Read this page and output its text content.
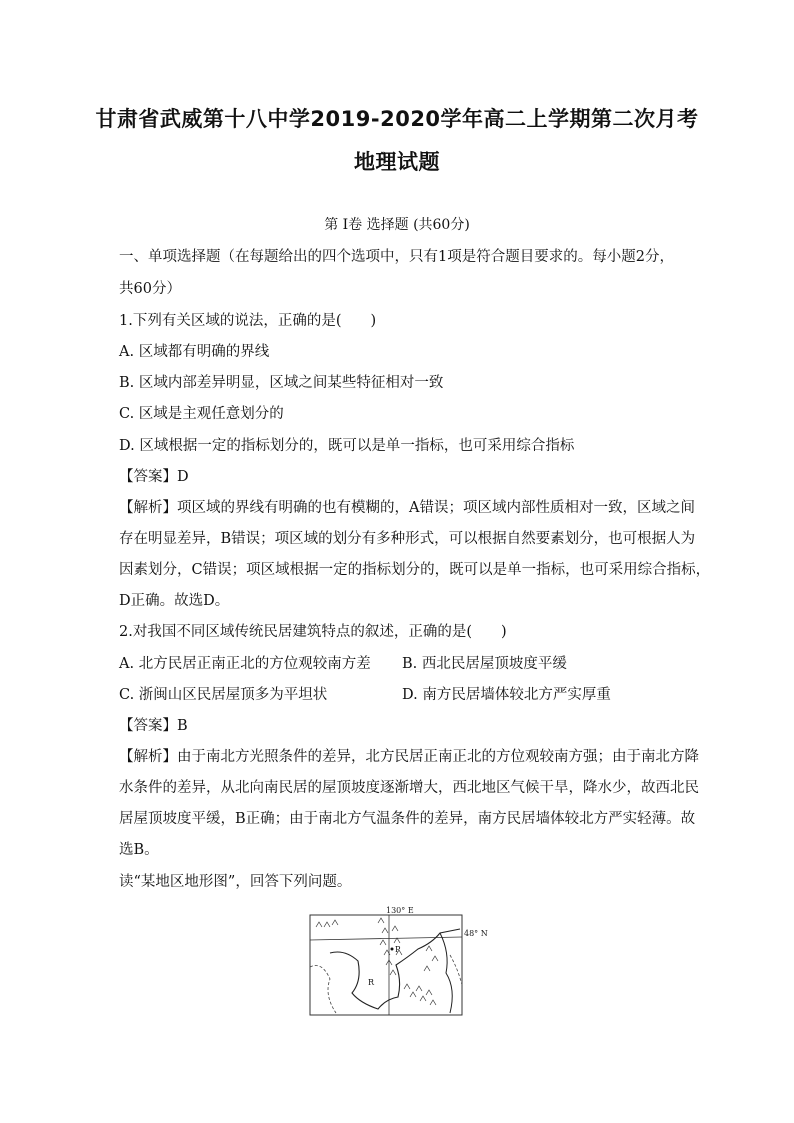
甘肃省武威第十八中学2019-2020学年高二上学期第二次月考
地理试题
第 Ⅰ卷 选择题 (共60分)
一、单项选择题（在每题给出的四个选项中，只有1项是符合题目要求的。每小题2分，
共60分）
1.下列有关区域的说法，正确的是(　　)
A. 区域都有明确的界线
B. 区域内部差异明显，区域之间某些特征相对一致
C. 区域是主观任意划分的
D. 区域根据一定的指标划分的，既可以是单一指标，也可采用综合指标
【答案】D
【解析】项区域的界线有明确的也有模糊的，A错误；项区域内部性质相对一致，区域之间
存在明显差异，B错误；项区域的划分有多种形式，可以根据自然要素划分，也可根据人为
因素划分，C错误；项区域根据一定的指标划分的，既可以是单一指标，也可采用综合指标，
D正确。故选D。
2.对我国不同区域传统民居建筑特点的叙述，正确的是(　　)
A. 北方民居正南正北的方位观较南方差	B. 西北民居屋顶坡度平缓
C. 浙闽山区民居屋顶多为平坦状	D. 南方民居墙体较北方严实厚重
【答案】B
【解析】由于南北方光照条件的差异，北方民居正南正北的方位观较南方强；由于南北方降
水条件的差异，从北向南民居的屋顶坡度逐渐增大，西北地区气候干旱，降水少，故西北民
居屋顶坡度平缓，B正确；由于南北方气温条件的差异，南方民居墙体较北方严实轻薄。故
选B。
读“某地区地形图”，回答下列问题。
130° E
48° N
P
R
